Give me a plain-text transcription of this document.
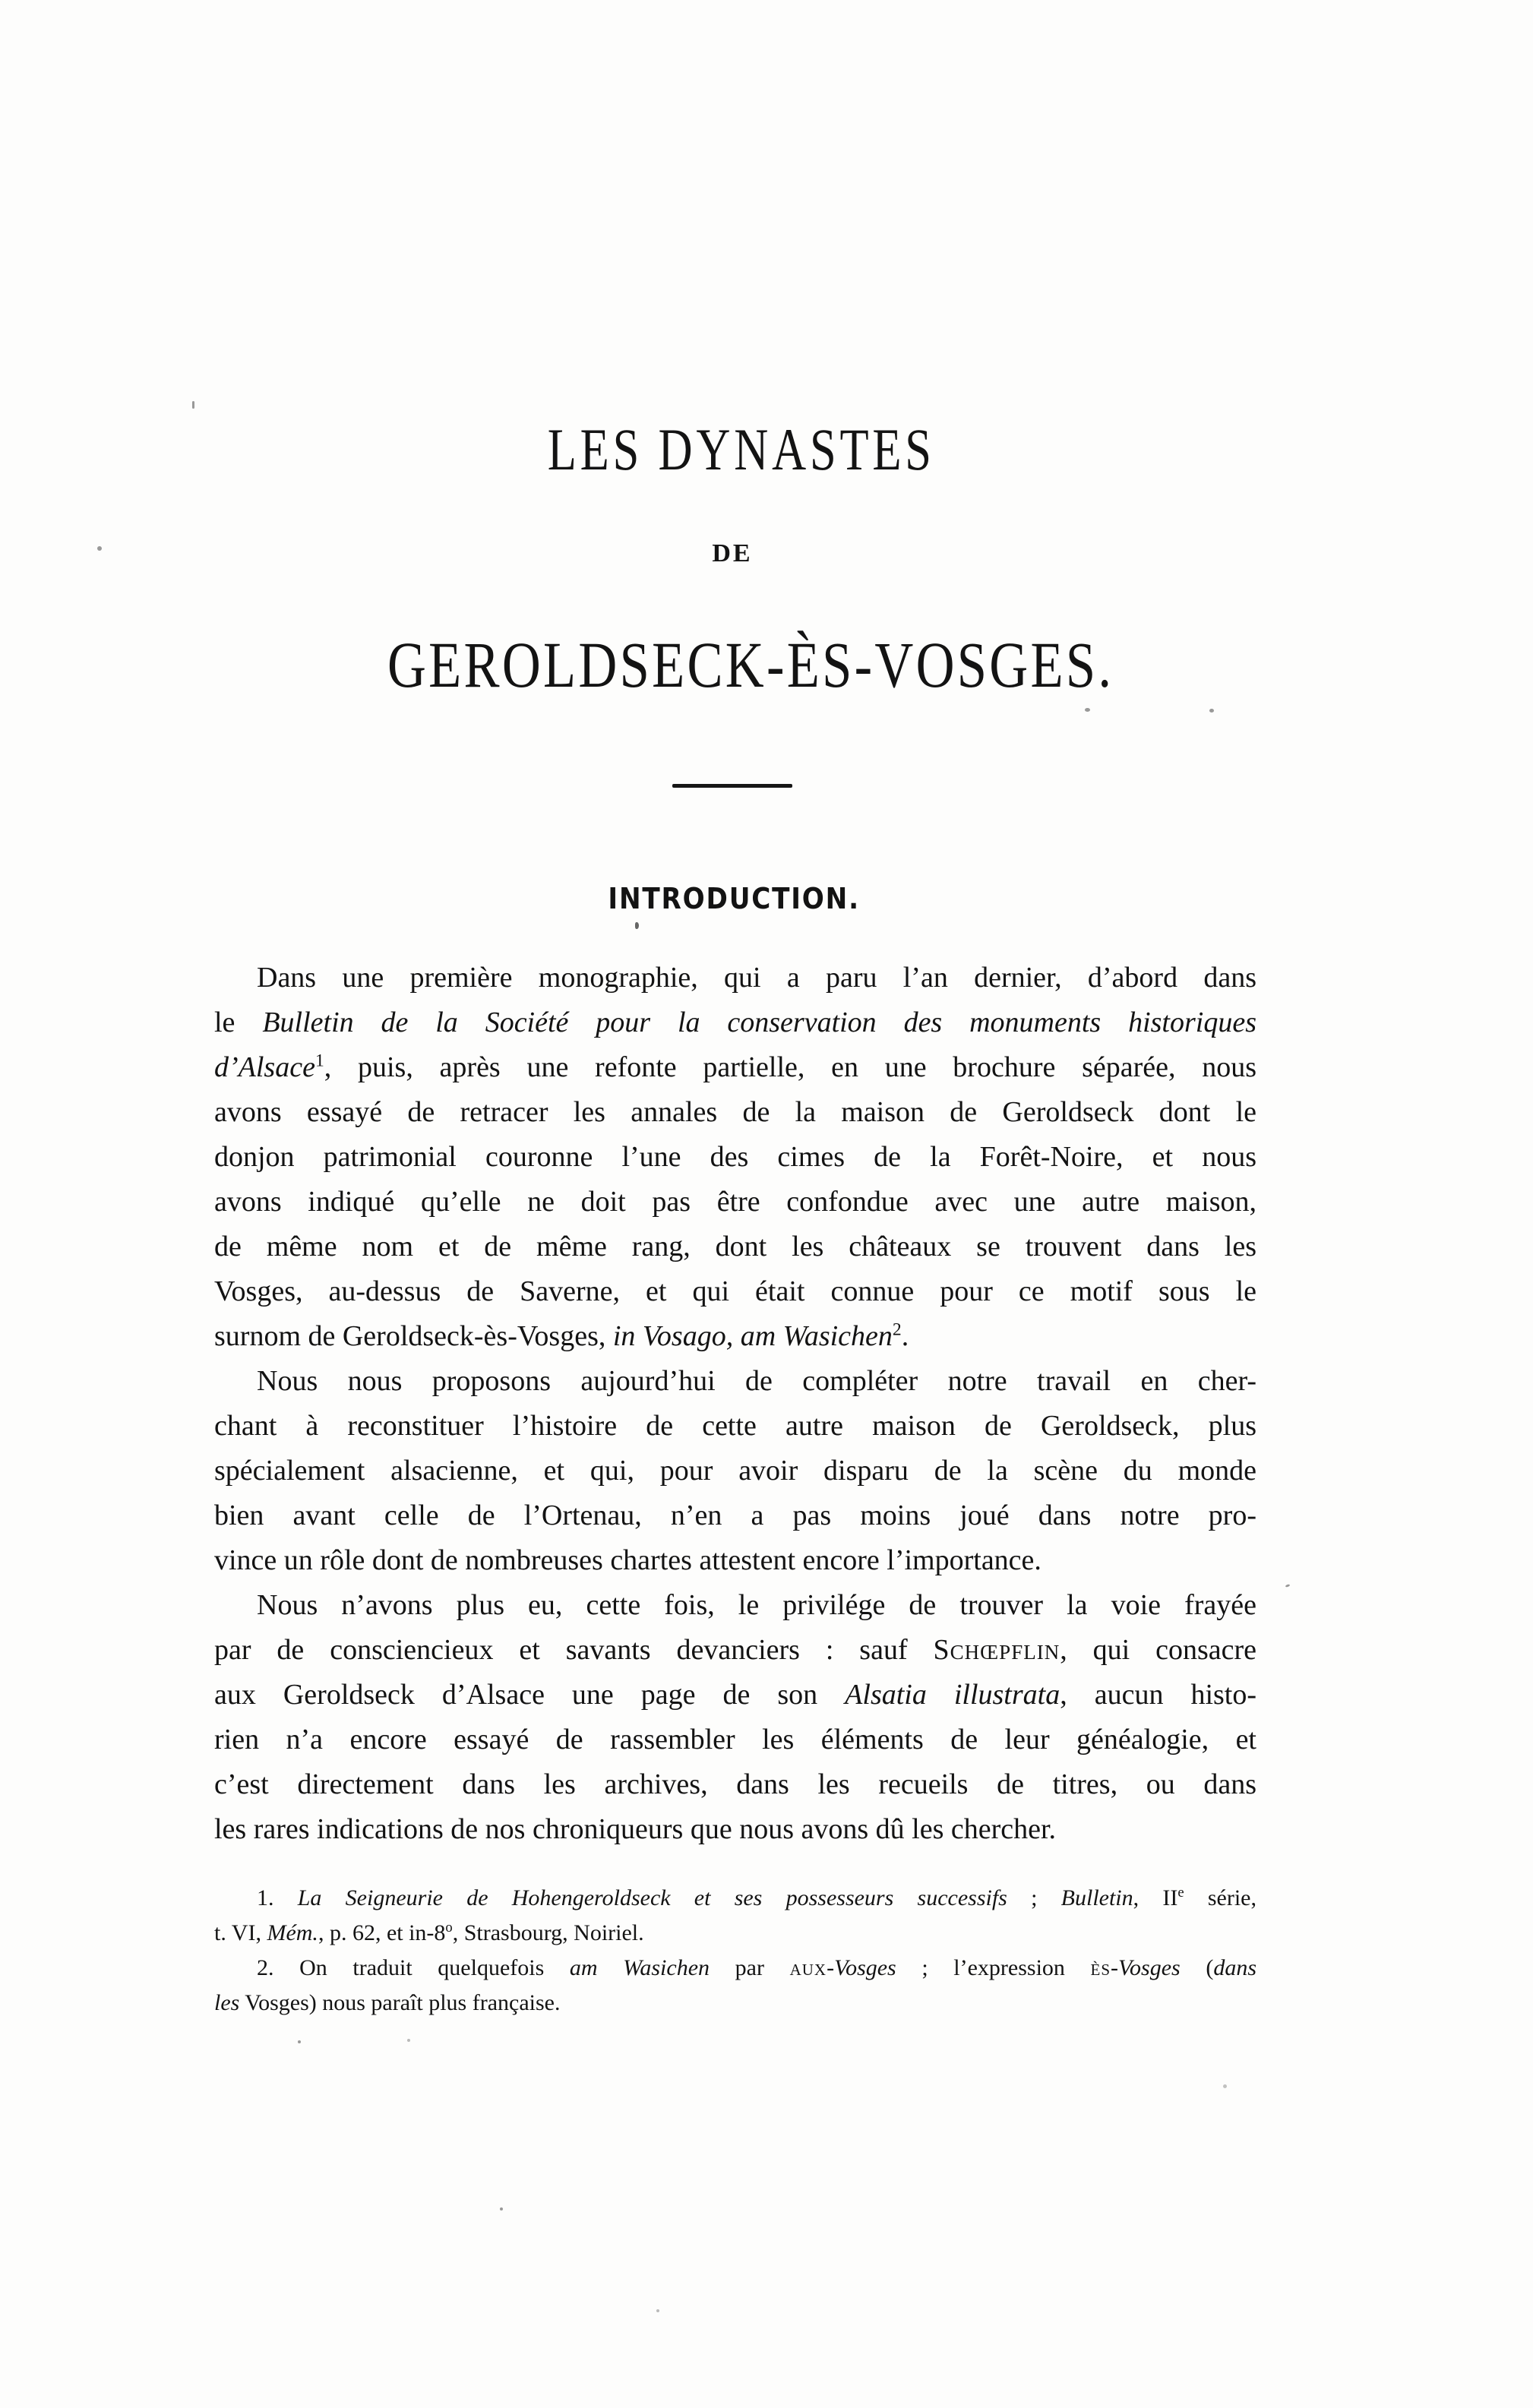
LES DYNASTES
DE
GEROLDSECK-ÈS-VOSGES.
INTRODUCTION.
Dans une première monographie, qui a paru l’an dernier, d’abord dans
le Bulletin de la Société pour la conservation des monuments historiques
d’Alsace$^1$, puis, après une refonte partielle, en une brochure séparée, nous
avons essayé de retracer les annales de la maison de Geroldseck dont le
donjon patrimonial couronne l’une des cimes de la Forêt-Noire, et nous
avons indiqué qu’elle ne doit pas être confondue avec une autre maison,
de même nom et de même rang, dont les châteaux se trouvent dans les
Vosges, au-dessus de Saverne, et qui était connue pour ce motif sous le
surnom de Geroldseck-ès-Vosges, in Vosago, am Wasichen$^2$.
Nous nous proposons aujourd’hui de compléter notre travail en cher-
chant à reconstituer l’histoire de cette autre maison de Geroldseck, plus
spécialement alsacienne, et qui, pour avoir disparu de la scène du monde
bien avant celle de l’Ortenau, n’en a pas moins joué dans notre pro-
vince un rôle dont de nombreuses chartes attestent encore l’importance.
Nous n’avons plus eu, cette fois, le privilége de trouver la voie frayée
par de consciencieux et savants devanciers : sauf Schœpflin, qui consacre
aux Geroldseck d’Alsace une page de son Alsatia illustrata, aucun histo-
rien n’a encore essayé de rassembler les éléments de leur généalogie, et
c’est directement dans les archives, dans les recueils de titres, ou dans
les rares indications de nos chroniqueurs que nous avons dû les chercher.
1. La Seigneurie de Hohengeroldseck et ses possesseurs successifs ; Bulletin, IIe série,
t. VI, Mém., p. 62, et in-8$^o$, Strasbourg, Noiriel.
2. On traduit quelquefois am Wasichen par aux-Vosges ; l’expression ès-Vosges (dans
les Vosges) nous paraît plus française.
